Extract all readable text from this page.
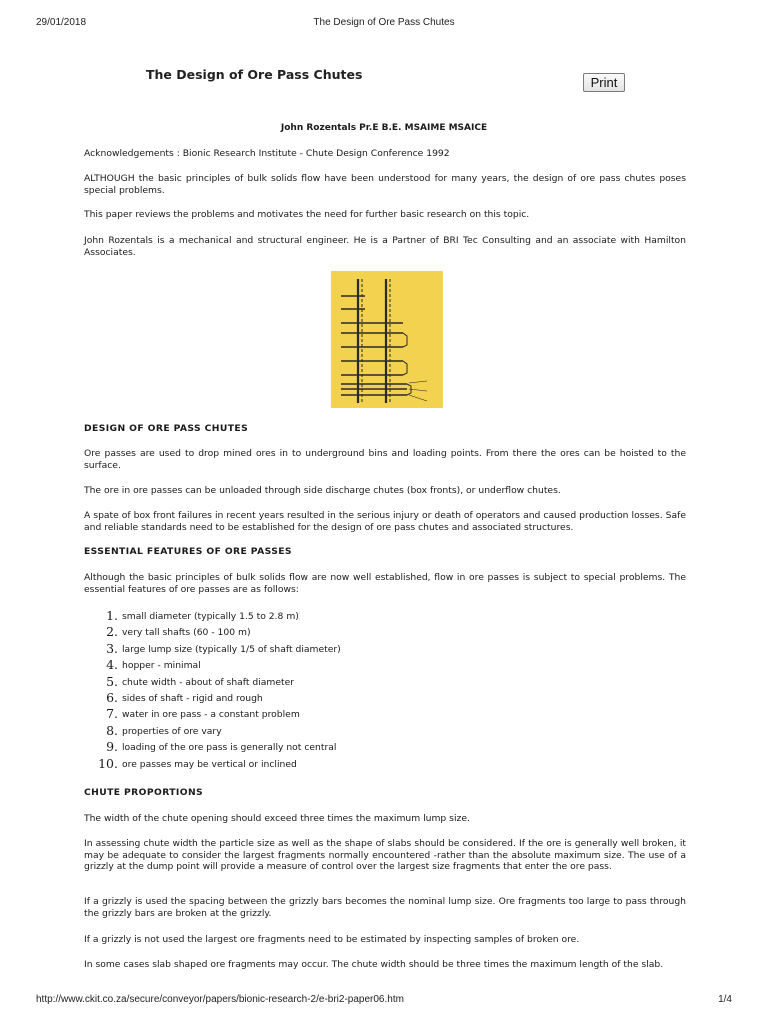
29/01/2018	The Design of Ore Pass Chutes
The Design of Ore Pass Chutes
Print
John Rozentals Pr.E B.E. MSAIME MSAICE

Acknowledgements : Bionic Research Institute - Chute Design Conference 1992

ALTHOUGH the basic principles of bulk solids flow have been understood for many years, the design of ore pass chutes poses special problems.

This paper reviews the problems and motivates the need for further basic research on this topic.

John Rozentals is a mechanical and structural engineer. He is a Partner of BRI Tec Consulting and an associate with Hamilton Associates.

DESIGN OF ORE PASS CHUTES

Ore passes are used to drop mined ores in to underground bins and loading points. From there the ores can be hoisted to the surface.

The ore in ore passes can be unloaded through side discharge chutes (box fronts), or underflow chutes.

A spate of box front failures in recent years resulted in the serious injury or death of operators and caused production losses. Safe and reliable standards need to be established for the design of ore pass chutes and associated structures.

ESSENTIAL FEATURES OF ORE PASSES

Although the basic principles of bulk solids flow are now well established, flow in ore passes is subject to special problems. The essential features of ore passes are as follows:

1. small diameter (typically 1.5 to 2.8 m)
2. very tall shafts (60 - 100 m)
3. large lump size (typically 1/5 of shaft diameter)
4. hopper - minimal
5. chute width - about of shaft diameter
6. sides of shaft - rigid and rough
7. water in ore pass - a constant problem
8. properties of ore vary
9. loading of the ore pass is generally not central
10. ore passes may be vertical or inclined
CHUTE PROPORTIONS

The width of the chute opening should exceed three times the maximum lump size.

In assessing chute width the particle size as well as the shape of slabs should be considered. If the ore is generally well broken, it may be adequate to consider the largest fragments normally encountered -rather than the absolute maximum size. The use of a grizzly at the dump point will provide a measure of control over the largest size fragments that enter the ore pass.

If a grizzly is used the spacing between the grizzly bars becomes the nominal lump size. Ore fragments too large to pass through the grizzly bars are broken at the grizzly.

If a grizzly is not used the largest ore fragments need to be estimated by inspecting samples of broken ore.

In some cases slab shaped ore fragments may occur. The chute width should be three times the maximum length of the slab.

http://www.ckit.co.za/secure/conveyor/papers/bionic-research-2/e-bri2-paper06.htm	1/4
